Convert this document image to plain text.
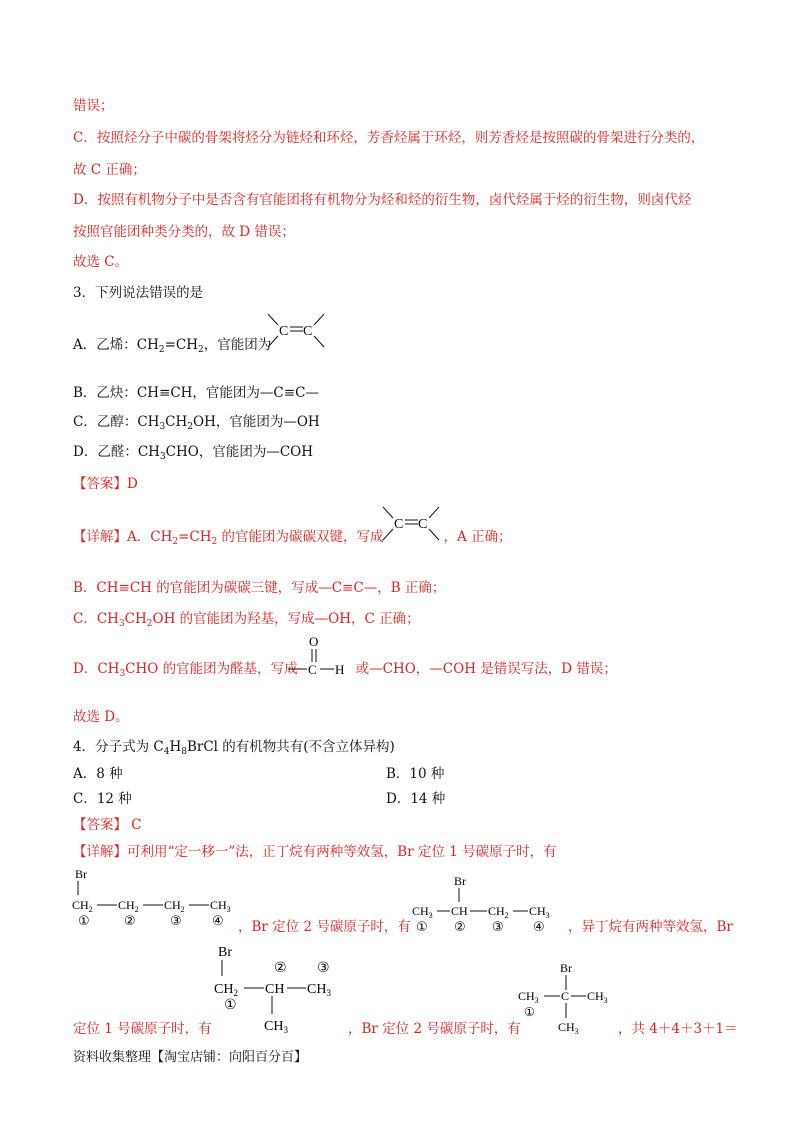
错误；
C．按照烃分子中碳的骨架将烃分为链烃和环烃，芳香烃属于环烃，则芳香烃是按照碳的骨架进行分类的，
故 C 正确；
D．按照有机物分子中是否含有官能团将有机物分为烃和烃的衍生物，卤代烃属于烃的衍生物，则卤代烃
按照官能团种类分类的，故 D 错误；
故选 C。
3．下列说法错误的是
A．乙烯：$CH_2=CH_2$，官能团为
C C
B．乙炔：CH≡CH，官能团为—C≡C—
C．乙醇：$CH_3CH_2OH$，官能团为—OH
D．乙醛：$CH_3CHO$，官能团为—COH
【答案】D
【详解】A．$CH_2=CH_2$ 的官能团为碳碳双键，写成	，A 正确；
C C
B．CH≡CH 的官能团为碳碳三键，写成—C≡C—，B 正确；
C．$CH_3CH_2OH$ 的官能团为羟基，写成—OH，C 正确；
D．$CH_3CHO$ 的官能团为醛基，写成	或—CHO，—COH 是错误写法，D 错误；
O
C H
故选 D。
4．分子式为 $C_4H_8BrCl$ 的有机物共有(不含立体异构)
A．8 种	B．10 种
C．12 种	D．14 种
【答案】 C
【详解】可利用“定一移一”法，正丁烷有两种等效氢，Br 定位 1 号碳原子时，有
Br
$CH_2$ $CH_2$ $CH_2$ $CH_3$
①	②	③ ④ ，Br 定位 2 号碳原子时，有
Br
$CH_3$ CH $CH_2$ $CH_3$
① ② ③ ④ ，异丁烷有两种等效氢，Br
Br
② ③
$CH_2$ CH $CH_3$
①
$CH_3$
Br
$CH_3$ C $CH_3$
①
$CH_3$
定位 1 号碳原子时，有	，Br 定位 2 号碳原子时，有	，共 4＋4＋3＋1＝
资料收集整理【淘宝店铺：向阳百分百】
